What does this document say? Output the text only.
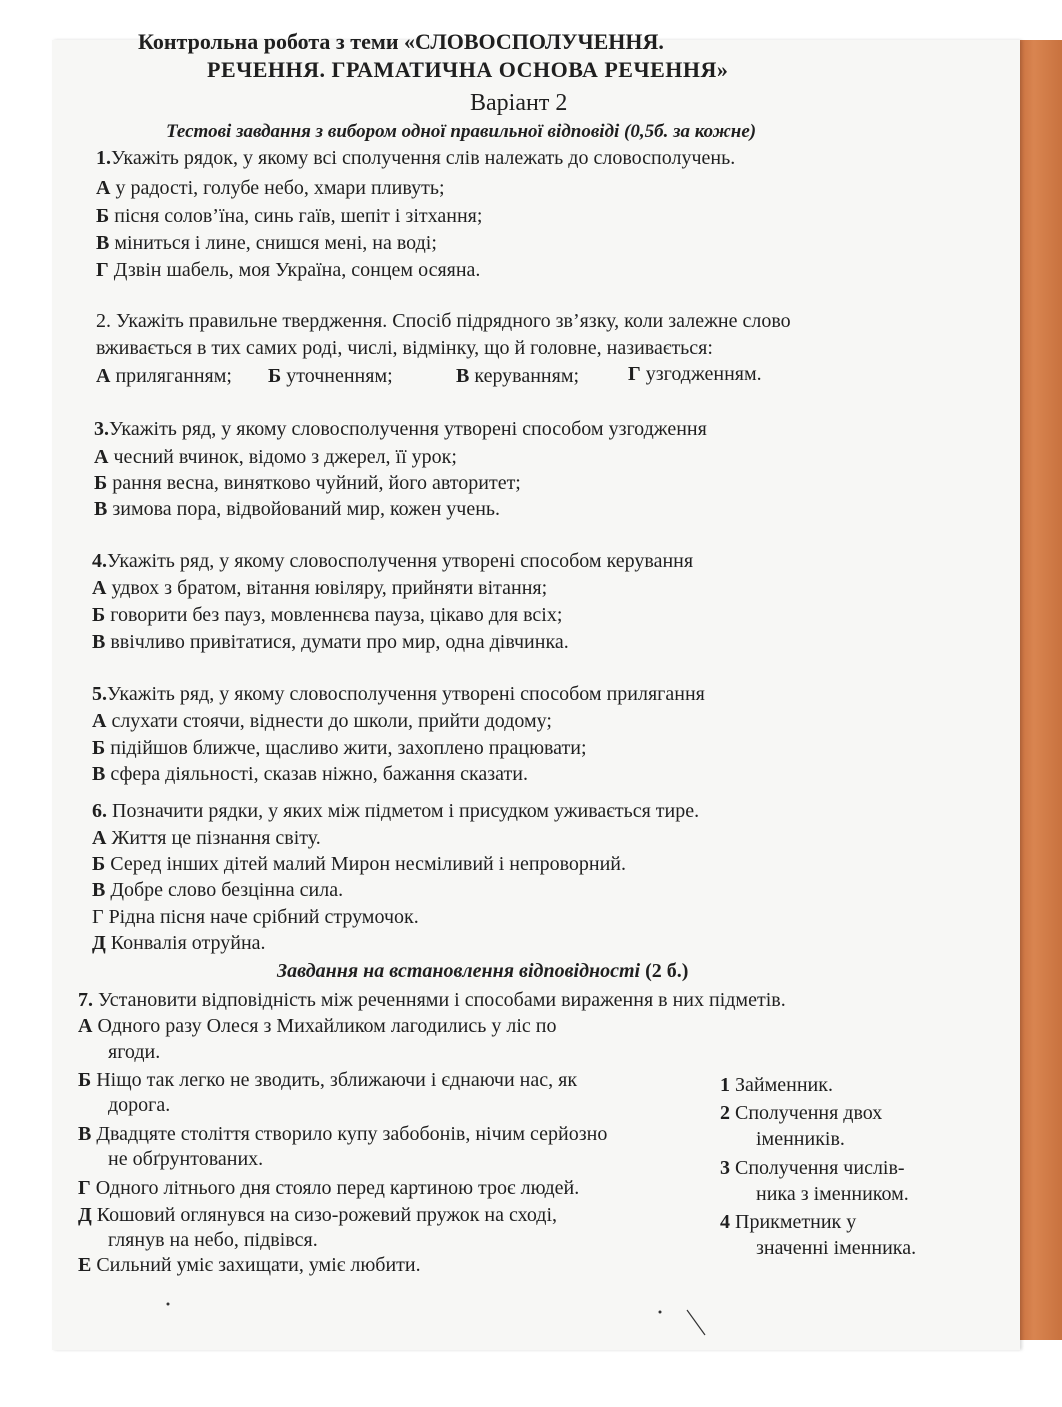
Контрольна робота з теми «СЛОВОСПОЛУЧЕННЯ.
РЕЧЕННЯ. ГРАМАТИЧНА ОСНОВА РЕЧЕННЯ»
Варіант 2
Тестові завдання з вибором одної правильної відповіді (0,5б. за кожне)
1.Укажіть рядок, у якому всі сполучення слів належать до словосполучень.
А у радості, голубе небо, хмари пливуть;
Б пісня солов’їна, синь гаїв, шепіт і зітхання;
В міниться і лине, снишся мені, на воді;
Г Дзвін шабель, моя Україна, сонцем осяяна.
2. Укажіть правильне твердження. Спосіб підрядного зв’язку, коли залежне слово
вживається в тих самих роді, числі, відмінку, що й головне, називається:
А приляганням; Б уточненням;	В керуванням; Г узгодженням.
3.Укажіть ряд, у якому словосполучення утворені способом узгодження
А чесний вчинок, відомо з джерел, її урок;
Б рання весна, винятково чуйний, його авторитет;
В зимова пора, відвойований мир, кожен учень.
4.Укажіть ряд, у якому словосполучення утворені способом керування
А удвох з братом, вітання ювіляру, прийняти вітання;
Б говорити без пауз, мовленнєва пауза, цікаво для всіх;
В ввічливо привітатися, думати про мир, одна дівчинка.
5.Укажіть ряд, у якому словосполучення утворені способом прилягання
А слухати стоячи, віднести до школи, прийти додому;
Б підійшов ближче, щасливо жити, захоплено працювати;
В сфера діяльності, сказав ніжно, бажання сказати.
6. Позначити рядки, у яких між підметом і присудком уживається тире.
А Життя це пізнання світу.
Б Серед інших дітей малий Мирон несміливий і непроворний.
В Добре слово безцінна сила.
Г Рідна пісня наче срібний струмочок.
Д Конвалія отруйна.
Завдання на встановлення відповідності (2 б.)
7. Установити відповідність між реченнями і способами вираження в них підметів.
А Одного разу Олеся з Михайликом лагодились у ліс по
ягоди.
Б Ніщо так легко не зводить, зближаючи і єднаючи нас, як
дорога.
В Двадцяте століття створило купу забобонів, нічим серйозно
не обґрунтованих.
Г Одного літнього дня стояло перед картиною троє людей.
Д Кошовий оглянувся на сизо-рожевий пружок на сході,
глянув на небо, підвівся.
Е Сильний уміє захищати, уміє любити.
1 Займенник.
2 Сполучення двох
іменників.
3 Сполучення числів-
ника з іменником.
4 Прикметник у
значенні іменника.
